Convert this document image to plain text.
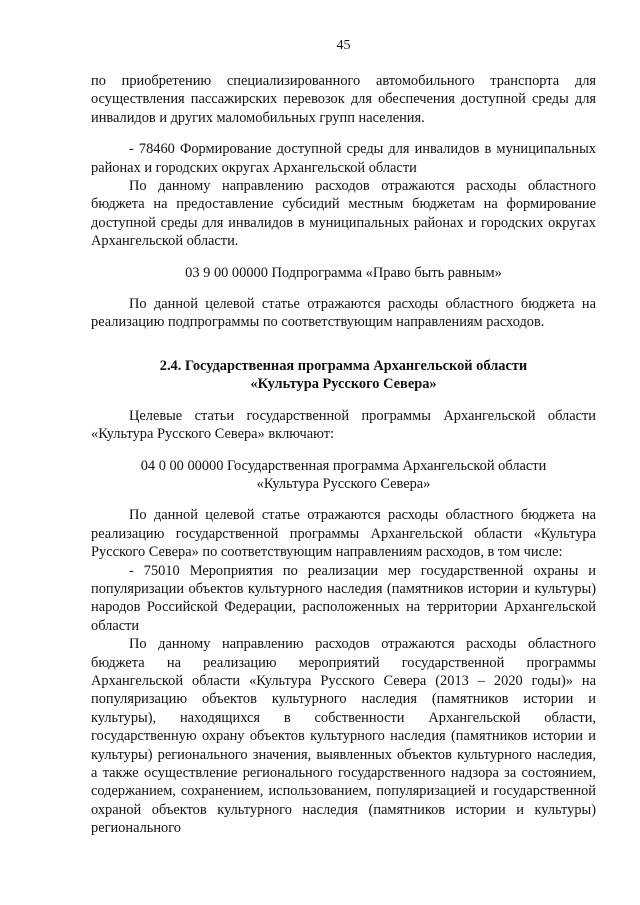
45

по приобретению специализированного автомобильного транспорта для осуществления пассажирских перевозок для обеспечения доступной среды для инвалидов и других маломобильных групп населения.

- 78460 Формирование доступной среды для инвалидов в муниципальных районах и городских округах Архангельской области

По данному направлению расходов отражаются расходы областного бюджета на предоставление субсидий местным бюджетам на формирование доступной среды для инвалидов в муниципальных районах и городских округах Архангельской области.

03 9 00 00000 Подпрограмма «Право быть равным»

По данной целевой статье отражаются расходы областного бюджета на реализацию подпрограммы по соответствующим направлениям расходов.

2.4. Государственная программа Архангельской области

«Культура Русского Севера»

Целевые статьи государственной программы Архангельской области «Культура Русского Севера» включают:

04 0 00 00000 Государственная программа Архангельской области

«Культура Русского Севера»

По данной целевой статье отражаются расходы областного бюджета на реализацию государственной программы Архангельской области «Культура Русского Севера» по соответствующим направлениям расходов, в том числе:

- 75010 Мероприятия по реализации мер государственной охраны и популяризации объектов культурного наследия (памятников истории и культуры) народов Российской Федерации, расположенных на территории Архангельской области

По данному направлению расходов отражаются расходы областного бюджета на реализацию мероприятий государственной программы Архангельской области «Культура Русского Севера (2013 – 2020 годы)» на популяризацию объектов культурного наследия (памятников истории и культуры), находящихся в собственности Архангельской области, государственную охрану объектов культурного наследия (памятников истории и культуры) регионального значения, выявленных объектов культурного наследия, а также осуществление регионального государственного надзора за состоянием, содержанием, сохранением, использованием, популяризацией и государственной охраной объектов культурного наследия (памятников истории и культуры) регионального
